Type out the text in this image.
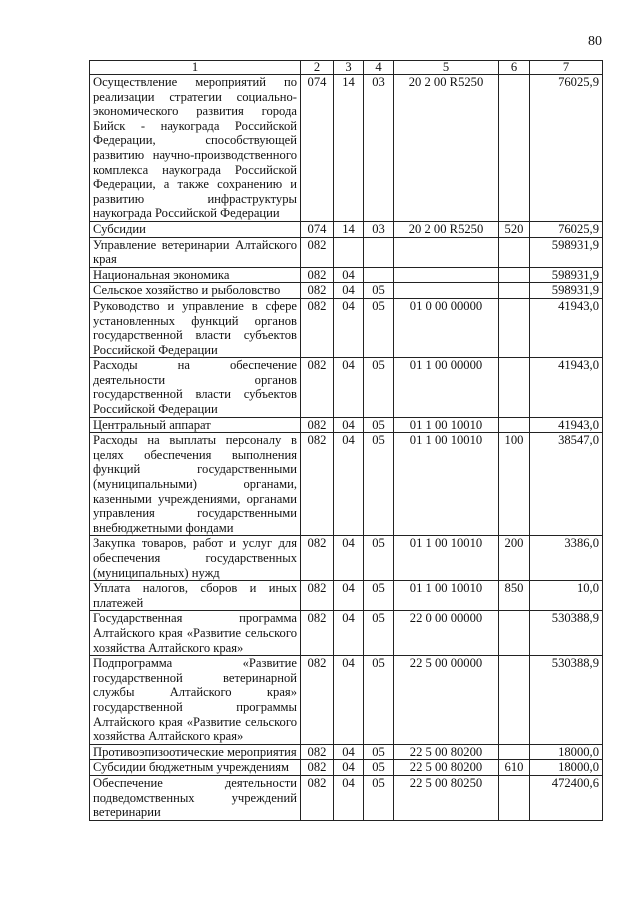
80
1	2	3	4	5	6	7
Осуществление мероприятий по реализации стратегии социально-экономического развития города Бийск - наукограда Российской Федерации, способствующей развитию научно-производственного комплекса наукограда Российской Федерации, а также сохранению и развитию инфраструктуры наукограда Российской Федерации	074	14	03	20 2 00 R5250		76025,9
Субсидии	074	14	03	20 2 00 R5250	520	76025,9
Управление ветеринарии Алтайского края	082					598931,9
Национальная экономика	082	04				598931,9
Сельское хозяйство и рыболовство	082	04	05			598931,9
Руководство и управление в сфере установленных функций органов государственной власти субъектов Российской Федерации	082	04	05	01 0 00 00000		41943,0
Расходы на обеспечение деятельности органов государственной власти субъектов Российской Федерации	082	04	05	01 1 00 00000		41943,0
Центральный аппарат	082	04	05	01 1 00 10010		41943,0
Расходы на выплаты персоналу в целях обеспечения выполнения функций государственными (муниципальными) органами, казенными учреждениями, органами управления государственными внебюджетными фондами	082	04	05	01 1 00 10010	100	38547,0
Закупка товаров, работ и услуг для обеспечения государственных (муниципальных) нужд	082	04	05	01 1 00 10010	200	3386,0
Уплата налогов, сборов и иных платежей	082	04	05	01 1 00 10010	850	10,0
Государственная программа Алтайского края «Развитие сельского хозяйства Алтайского края»	082	04	05	22 0 00 00000		530388,9
Подпрограмма «Развитие государственной ветеринарной службы Алтайского края» государственной программы Алтайского края «Развитие сельского хозяйства Алтайского края»	082	04	05	22 5 00 00000		530388,9
Противоэпизоотические мероприятия	082	04	05	22 5 00 80200		18000,0
Субсидии бюджетным учреждениям	082	04	05	22 5 00 80200	610	18000,0
Обеспечение деятельности подведомственных учреждений ветеринарии	082	04	05	22 5 00 80250		472400,6
